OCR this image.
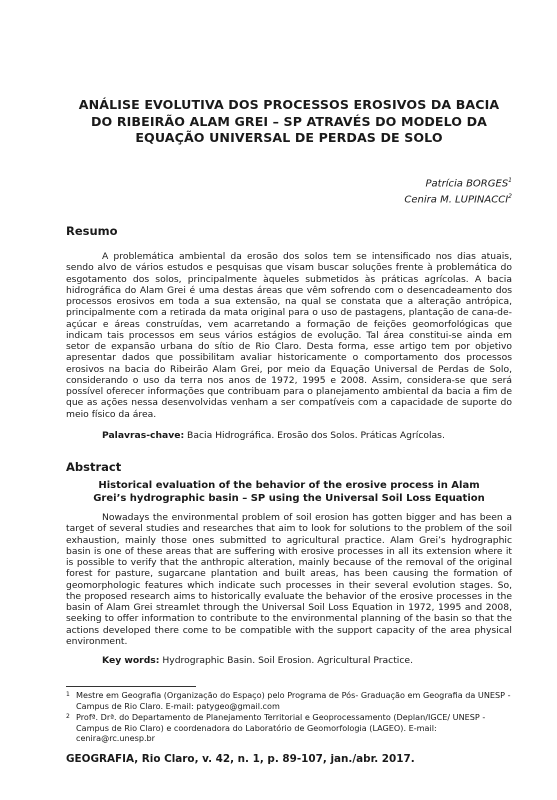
ANÁLISE EVOLUTIVA DOS PROCESSOS EROSIVOS DA BACIA
DO RIBEIRÃO ALAM GREI – SP ATRAVÉS DO MODELO DA
EQUAÇÃO UNIVERSAL DE PERDAS DE SOLO
Patrícia BORGES$^1$
Cenira M. LUPINACCI$^2$
Resumo

A problemática ambiental da erosão dos solos tem se intensificado nos dias atuais, sendo alvo de vários estudos e pesquisas que visam buscar soluções frente à problemática do esgotamento dos solos, principalmente àqueles submetidos às práticas agrícolas. A bacia hidrográfica do Alam Grei é uma destas áreas que vêm sofrendo com o desencadeamento dos processos erosivos em toda a sua extensão, na qual se constata que a alteração antrópica, principalmente com a retirada da mata original para o uso de pastagens, plantação de cana-de-açúcar e áreas construídas, vem acarretando a formação de feições geomorfológicas que indicam tais processos em seus vários estágios de evolução. Tal área constitui-se ainda em setor de expansão urbana do sítio de Rio Claro. Desta forma, esse artigo tem por objetivo apresentar dados que possibilitam avaliar historicamente o comportamento dos processos erosivos na bacia do Ribeirão Alam Grei, por meio da Equação Universal de Perdas de Solo, considerando o uso da terra nos anos de 1972, 1995 e 2008. Assim, considera-se que será possível oferecer informações que contribuam para o planejamento ambiental da bacia a fim de que as ações nessa desenvolvidas venham a ser compatíveis com a capacidade de suporte do meio físico da área.

Palavras-chave: Bacia Hidrográfica. Erosão dos Solos. Práticas Agrícolas.
Abstract
Historical evaluation of the behavior of the erosive process in Alam
Grei’s hydrographic basin – SP using the Universal Soil Loss Equation

Nowadays the environmental problem of soil erosion has gotten bigger and has been a target of several studies and researches that aim to look for solutions to the problem of the soil exhaustion, mainly those ones submitted to agricultural practice. Alam Grei’s hydrographic basin is one of these areas that are suffering with erosive processes in all its extension where it is possible to verify that the anthropic alteration, mainly because of the removal of the original forest for pasture, sugarcane plantation and built areas, has been causing the formation of geomorphologic features which indicate such processes in their several evolution stages. So, the proposed research aims to historically evaluate the behavior of the erosive processes in the basin of Alam Grei streamlet through the Universal Soil Loss Equation in 1972, 1995 and 2008, seeking to offer information to contribute to the environmental planning of the basin so that the actions developed there come to be compatible with the support capacity of the area physical environment.

Key words: Hydrographic Basin. Soil Erosion. Agricultural Practice.
1 Mestre em Geografia (Organização do Espaço) pelo Programa de Pós- Graduação em Geografia da UNESP - Campus de Rio Claro. E-mail: patygeo@gmail.com
2 Profª. Drª. do Departamento de Planejamento Territorial e Geoprocessamento (Deplan/IGCE/ UNESP - Campus de Rio Claro) e coordenadora do Laboratório de Geomorfologia (LAGEO). E-mail: cenira@rc.unesp.br
GEOGRAFIA, Rio Claro, v. 42, n. 1, p. 89-107, jan./abr. 2017.
